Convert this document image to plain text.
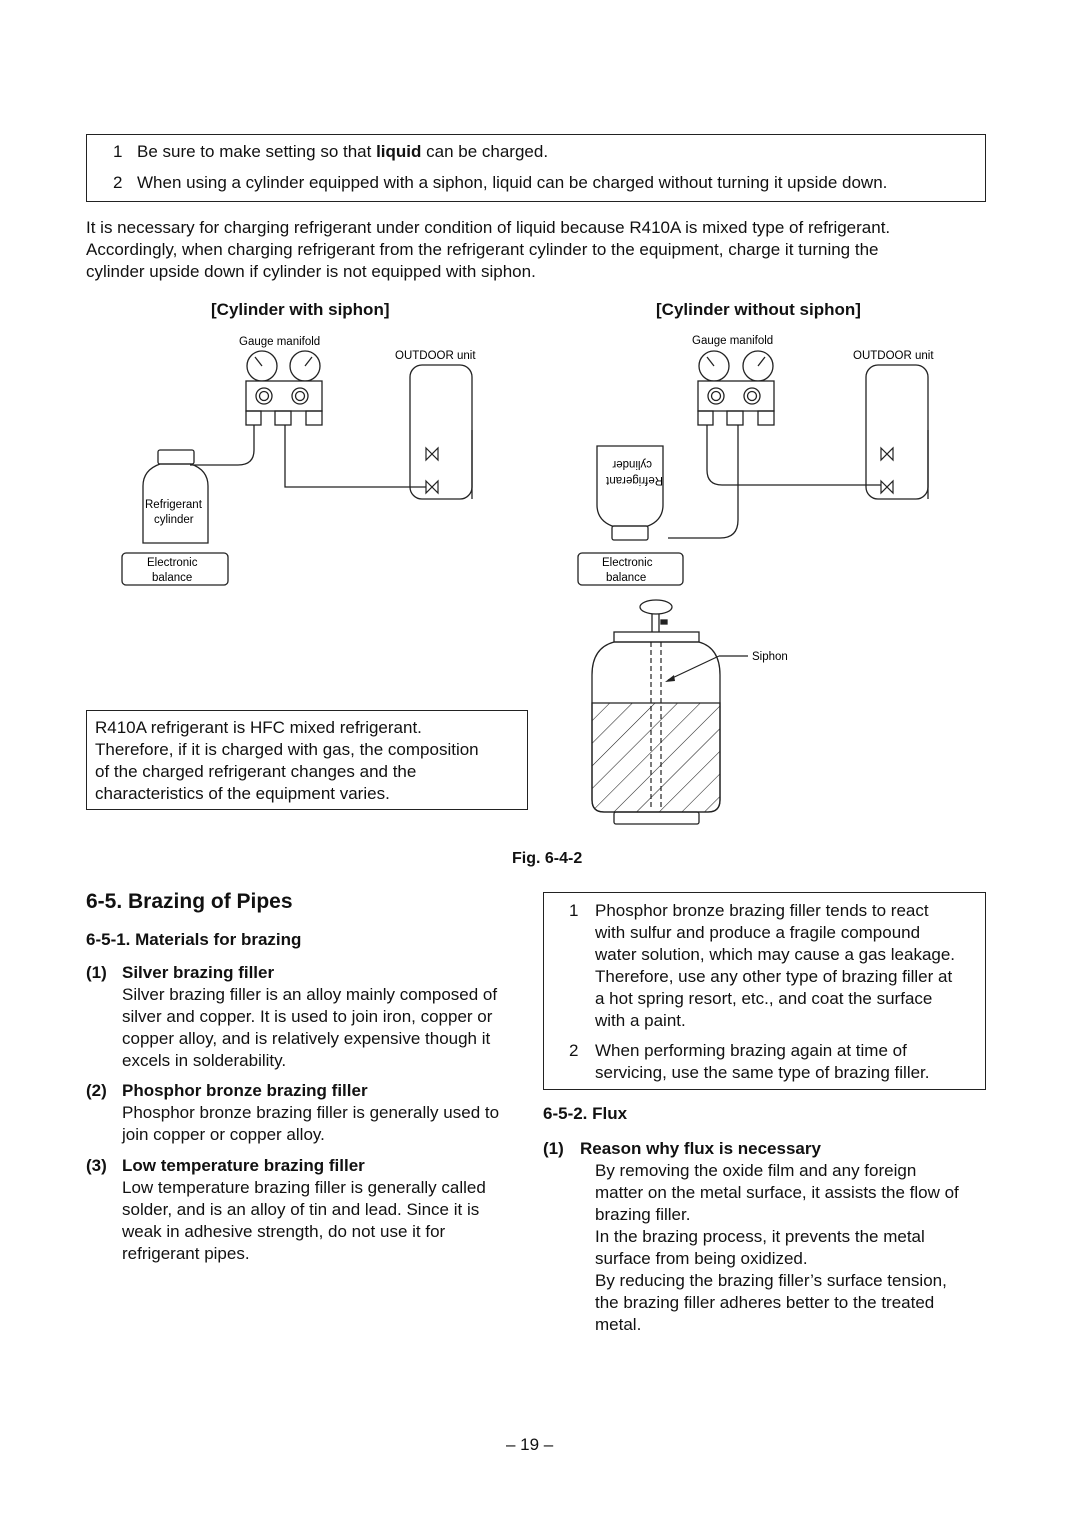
1 Be sure to make setting so that liquid can be charged.
2 When using a cylinder equipped with a siphon, liquid can be charged without turning it upside down.
It is necessary for charging refrigerant under condition of liquid because R410A is mixed type of refrigerant.
Accordingly, when charging refrigerant from the refrigerant cylinder to the equipment, charge it turning the
cylinder upside down if cylinder is not equipped with siphon.
[Cylinder with siphon]	[Cylinder without siphon]
Gauge manifold
OUTDOOR unit
Refrigerant
cylinder
Electronic
balance
Gauge manifold
OUTDOOR unit
cylinder
Refrigerant
Electronic
balance
Siphon
R410A refrigerant is HFC mixed refrigerant.
Therefore, if it is charged with gas, the composition
of the charged refrigerant changes and the
characteristics of the equipment varies.
Fig. 6-4-2
6-5. Brazing of Pipes
6-5-1. Materials for brazing
(1) Silver brazing filler
Silver brazing filler is an alloy mainly composed of
silver and copper. It is used to join iron, copper or
copper alloy, and is relatively expensive though it
excels in solderability.
(2) Phosphor bronze brazing filler
Phosphor bronze brazing filler is generally used to
join copper or copper alloy.
(3) Low temperature brazing filler
Low temperature brazing filler is generally called
solder, and is an alloy of tin and lead. Since it is
weak in adhesive strength, do not use it for
refrigerant pipes.
1 Phosphor bronze brazing filler tends to react
with sulfur and produce a fragile compound
water solution, which may cause a gas leakage.
Therefore, use any other type of brazing filler at
a hot spring resort, etc., and coat the surface
with a paint.
2 When performing brazing again at time of
servicing, use the same type of brazing filler.
6-5-2. Flux
(1) Reason why flux is necessary
By removing the oxide film and any foreign
matter on the metal surface, it assists the flow of
brazing filler.
In the brazing process, it prevents the metal
surface from being oxidized.
By reducing the brazing filler’s surface tension,
the brazing filler adheres better to the treated
metal.
– 19 –
